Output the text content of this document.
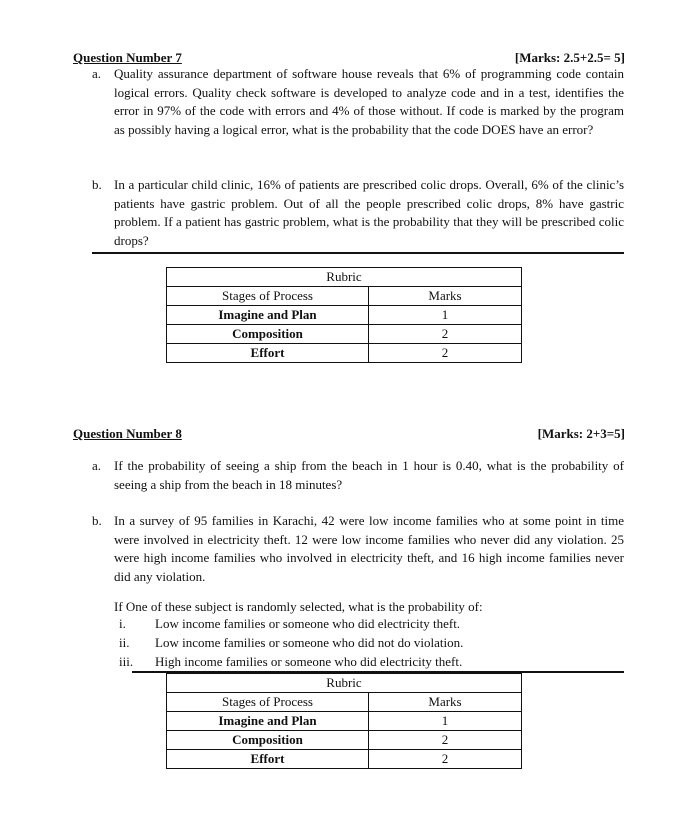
Question Number 7	[Marks: 2.5+2.5= 5]
a. Quality assurance department of software house reveals that 6% of programming code contain logical errors. Quality check software is developed to analyze code and in a test, identifies the error in 97% of the code with errors and 4% of those without. If code is marked by the program as possibly having a logical error, what is the probability that the code DOES have an error?
b. In a particular child clinic, 16% of patients are prescribed colic drops. Overall, 6% of the clinic’s patients have gastric problem. Out of all the people prescribed colic drops, 8% have gastric problem. If a patient has gastric problem, what is the probability that they will be prescribed colic drops?
Rubric	
Stages of Process	Marks
Imagine and Plan	1
Composition	2
Effort	2
Question Number 8	[Marks: 2+3=5]
a. If the probability of seeing a ship from the beach in 1 hour is 0.40, what is the probability of seeing a ship from the beach in 18 minutes?
b. In a survey of 95 families in Karachi, 42 were low income families who at some point in time were involved in electricity theft. 12 were low income families who never did any violation. 25 were high income families who involved in electricity theft, and 16 high income families never did any violation.
If One of these subject is randomly selected, what is the probability of:
i.	Low income families or someone who did electricity theft.
ii.	Low income families or someone who did not do violation.
iii.	High income families or someone who did electricity theft.
Rubric	
Stages of Process	Marks
Imagine and Plan	1
Composition	2
Effort	2
